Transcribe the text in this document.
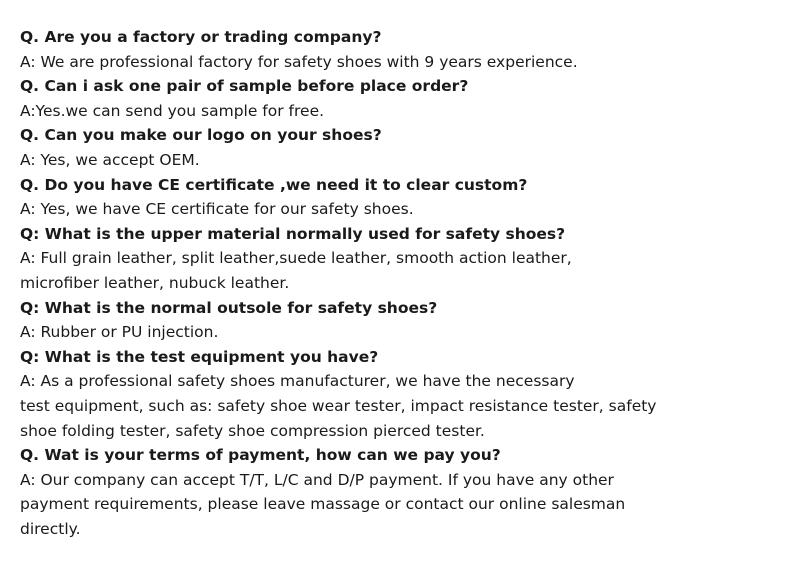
Q. Are you a factory or trading company?
A: We are professional factory for safety shoes with 9 years experience.
Q. Can i ask one pair of sample before place order?
A:Yes.we can send you sample for free.
Q. Can you make our logo on your shoes?
A: Yes, we accept OEM.
Q. Do you have CE certificate ,we need it to clear custom?
A: Yes, we have CE certificate for our safety shoes.
Q: What is the upper material normally used for safety shoes?
A: Full grain leather, split leather,suede leather, smooth action leather,
microfiber leather, nubuck leather.
Q: What is the normal outsole for safety shoes?
A: Rubber or PU injection.
Q: What is the test equipment you have?
A: As a professional safety shoes manufacturer, we have the necessary
test equipment, such as: safety shoe wear tester, impact resistance tester, safety
shoe folding tester, safety shoe compression pierced tester.
Q. Wat is your terms of payment, how can we pay you?
A: Our company can accept T/T, L/C and D/P payment. If you have any other
payment requirements, please leave massage or contact our online salesman
directly.
